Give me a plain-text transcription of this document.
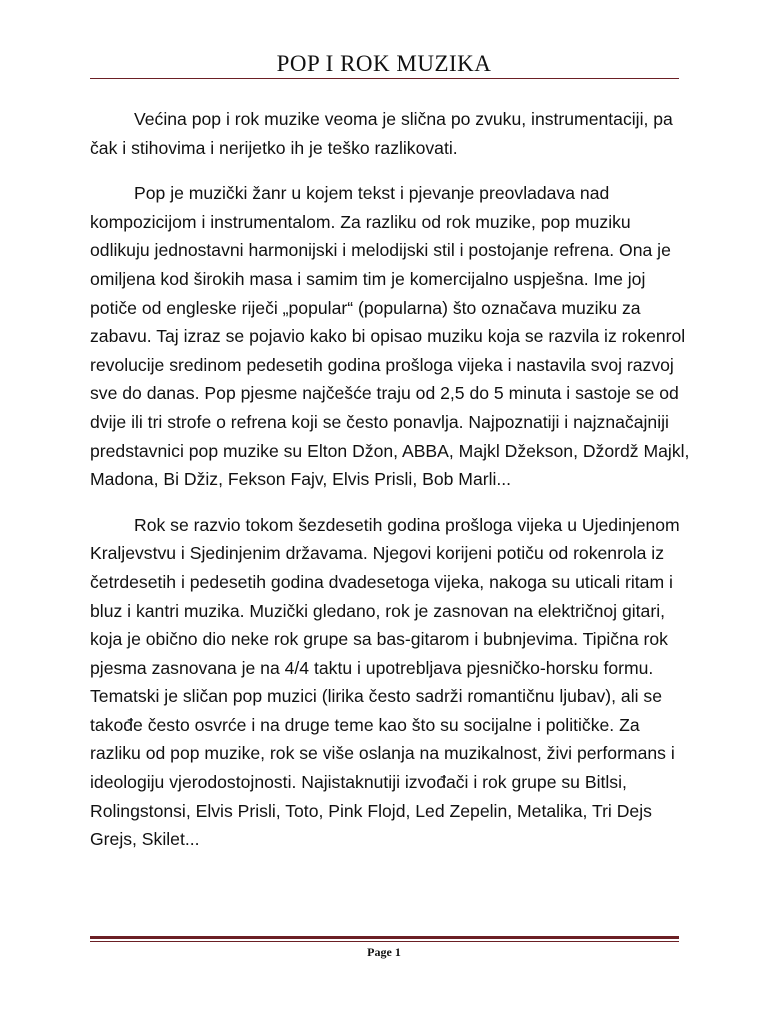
POP I ROK MUZIKA

Većina pop i rok muzike veoma je slična po zvuku, instrumentaciji, pa čak i stihovima i nerijetko ih je teško razlikovati.

Pop je muzički žanr u kojem tekst i pjevanje preovladava nad kompozicijom i instrumentalom. Za razliku od rok muzike, pop muziku odlikuju jednostavni harmonijski i melodijski stil i postojanje refrena. Ona je omiljena kod širokih masa i samim tim je komercijalno uspješna. Ime joj potiče od engleske riječi „popular“ (popularna) što označava muziku za zabavu. Taj izraz se pojavio kako bi opisao muziku koja se razvila iz rokenrol revolucije sredinom pedesetih godina prošloga vijeka i nastavila svoj razvoj sve do danas. Pop pjesme najčešće traju od 2,5 do 5 minuta i sastoje se od dvije ili tri strofe o refrena koji se često ponavlja. Najpoznatiji i najznačajniji predstavnici pop muzike su Elton Džon, ABBA, Majkl Džekson, Džordž Majkl, Madona, Bi Džiz, Fekson Fajv, Elvis Prisli, Bob Marli...

Rok se razvio tokom šezdesetih godina prošloga vijeka u Ujedinjenom Kraljevstvu i Sjedinjenim državama. Njegovi korijeni potiču od rokenrola iz četrdesetih i pedesetih godina dvadesetoga vijeka, nakoga su uticali ritam i bluz i kantri muzika. Muzički gledano, rok je zasnovan na električnoj gitari, koja je obično dio neke rok grupe sa bas-gitarom i bubnjevima. Tipična rok pjesma zasnovana je na 4/4 taktu i upotrebljava pjesničko-horsku formu. Tematski je sličan pop muzici (lirika često sadrži romantičnu ljubav), ali se takođe često osvrće i na druge teme kao što su socijalne i političke. Za razliku od pop muzike, rok se više oslanja na muzikalnost, živi performans i ideologiju vjerodostojnosti. Najistaknutiji izvođači i rok grupe su Bitlsi, Rolingstonsi, Elvis Prisli, Toto, Pink Flojd, Led Zepelin, Metalika, Tri Dejs Grejs, Skilet...

Page 1
